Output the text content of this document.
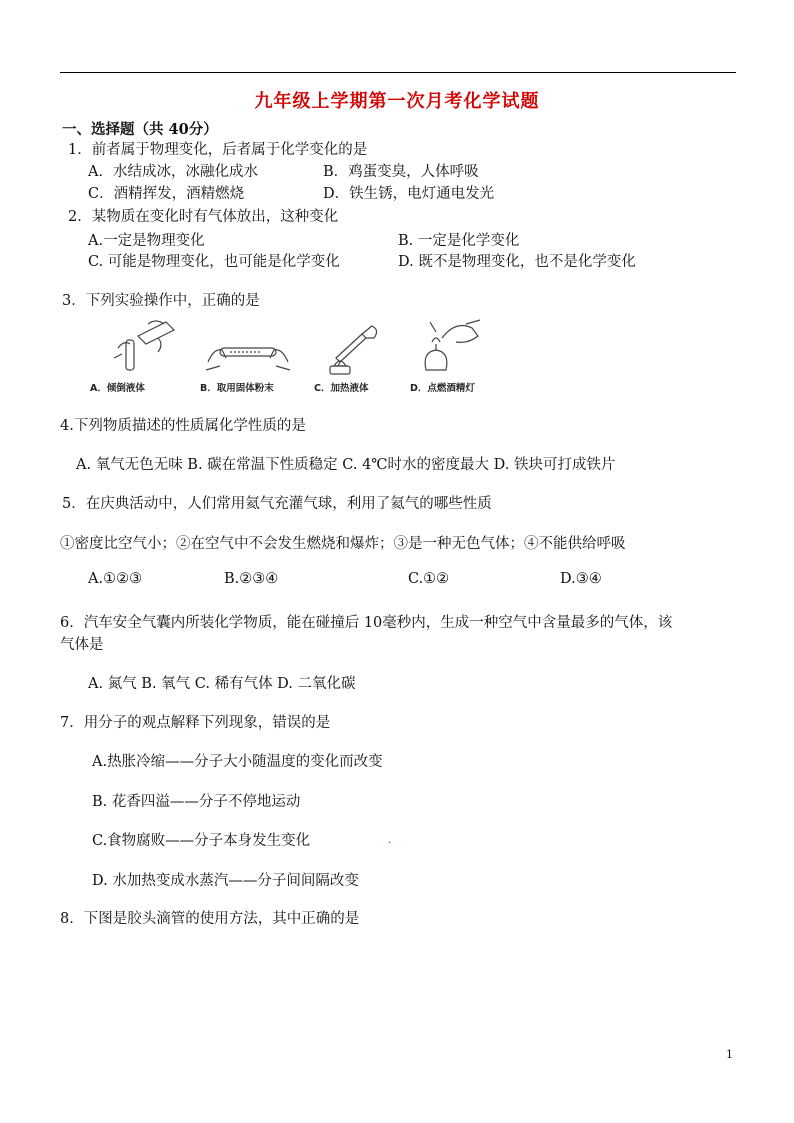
九年级上学期第一次月考化学试题
一、选择题（共 40分）
1．前者属于物理变化，后者属于化学变化的是
A．水结成冰，冰融化成水	B．鸡蛋变臭，人体呼吸
C．酒精挥发，酒精燃烧	D．铁生锈，电灯通电发光
2．某物质在变化时有气体放出，这种变化
A.一定是物理变化	B. 一定是化学变化
C. 可能是物理变化，也可能是化学变化	D. 既不是物理变化，也不是化学变化
3．下列实验操作中，正确的是
A．倾倒液体	B．取用固体粉末	C．加热液体	D．点燃酒精灯
4.下列物质描述的性质属化学性质的是
A. 氧气无色无味 B. 碳在常温下性质稳定 C. 4℃时水的密度最大 D. 铁块可打成铁片
5．在庆典活动中，人们常用氦气充灌气球，利用了氦气的哪些性质
①密度比空气小；②在空气中不会发生燃烧和爆炸；③是一种无色气体；④不能供给呼吸
A.①②③	B.②③④	C.①②	D.③④
6．汽车安全气囊内所装化学物质，能在碰撞后 10毫秒内，生成一种空气中含量最多的气体，该
气体是
A. 氮气 B. 氧气 C. 稀有气体 D. 二氧化碳
7．用分子的观点解释下列现象，错误的是
A.热胀冷缩——分子大小随温度的变化而改变
B. 花香四溢——分子不停地运动
C.食物腐败——分子本身发生变化	.
D. 水加热变成水蒸汽——分子间间隔改变
8．下图是胶头滴管的使用方法，其中正确的是
1
